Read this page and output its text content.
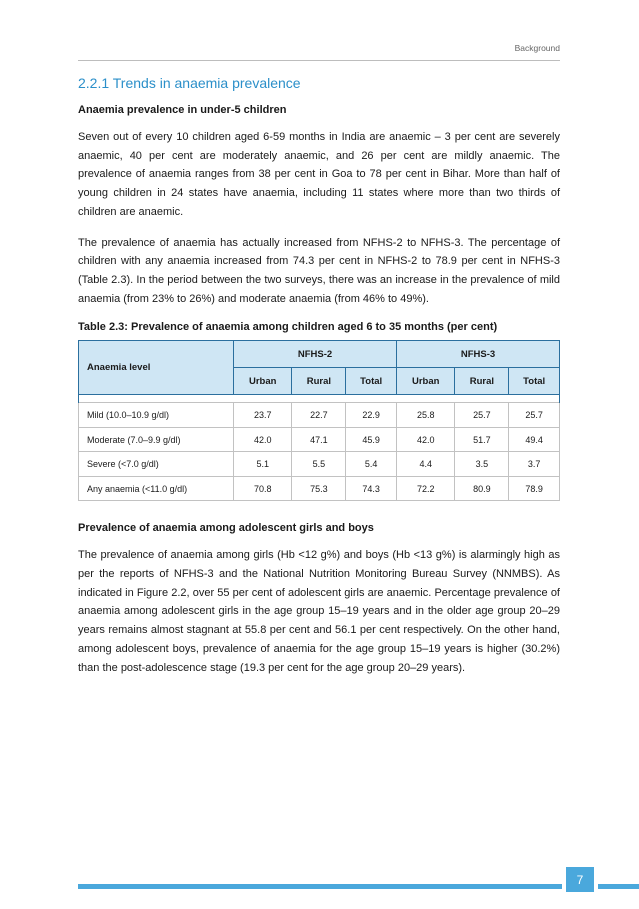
Background
2.2.1 Trends in anaemia prevalence
Anaemia prevalence in under-5 children

Seven out of every 10 children aged 6-59 months in India are anaemic – 3 per cent are severely anaemic, 40 per cent are moderately anaemic, and 26 per cent are mildly anaemic. The prevalence of anaemia ranges from 38 per cent in Goa to 78 per cent in Bihar. More than half of young children in 24 states have anaemia, including 11 states where more than two thirds of children are anaemic.

The prevalence of anaemia has actually increased from NFHS-2 to NFHS-3. The percentage of children with any anaemia increased from 74.3 per cent in NFHS-2 to 78.9 per cent in NFHS-3 (Table 2.3). In the period between the two surveys, there was an increase in the prevalence of mild anaemia (from 23% to 26%) and moderate anaemia (from 46% to 49%).

Table 2.3: Prevalence of anaemia among children aged 6 to 35 months (per cent)
Anaemia level	NFHS-2			NFHS-3		
	Urban	Rural	Total	Urban	Rural	Total

Mild (10.0–10.9 g/dl)	23.7	22.7	22.9	25.8	25.7	25.7
Moderate (7.0–9.9 g/dl)	42.0	47.1	45.9	42.0	51.7	49.4
Severe (<7.0 g/dl)	5.1	5.5	5.4	4.4	3.5	3.7
Any anaemia (<11.0 g/dl)	70.8	75.3	74.3	72.2	80.9	78.9
Prevalence of anaemia among adolescent girls and boys

The prevalence of anaemia among girls (Hb <12 g%) and boys (Hb <13 g%) is alarmingly high as per the reports of NFHS-3 and the National Nutrition Monitoring Bureau Survey (NNMBS). As indicated in Figure 2.2, over 55 per cent of adolescent girls are anaemic. Percentage prevalence of anaemia among adolescent girls in the age group 15–19 years and in the older age group 20–29 years remains almost stagnant at 55.8 per cent and 56.1 per cent respectively. On the other hand, among adolescent boys, prevalence of anaemia for the age group 15–19 years is higher (30.2%) than the post-adolescence stage (19.3 per cent for the age group 20–29 years).

7
